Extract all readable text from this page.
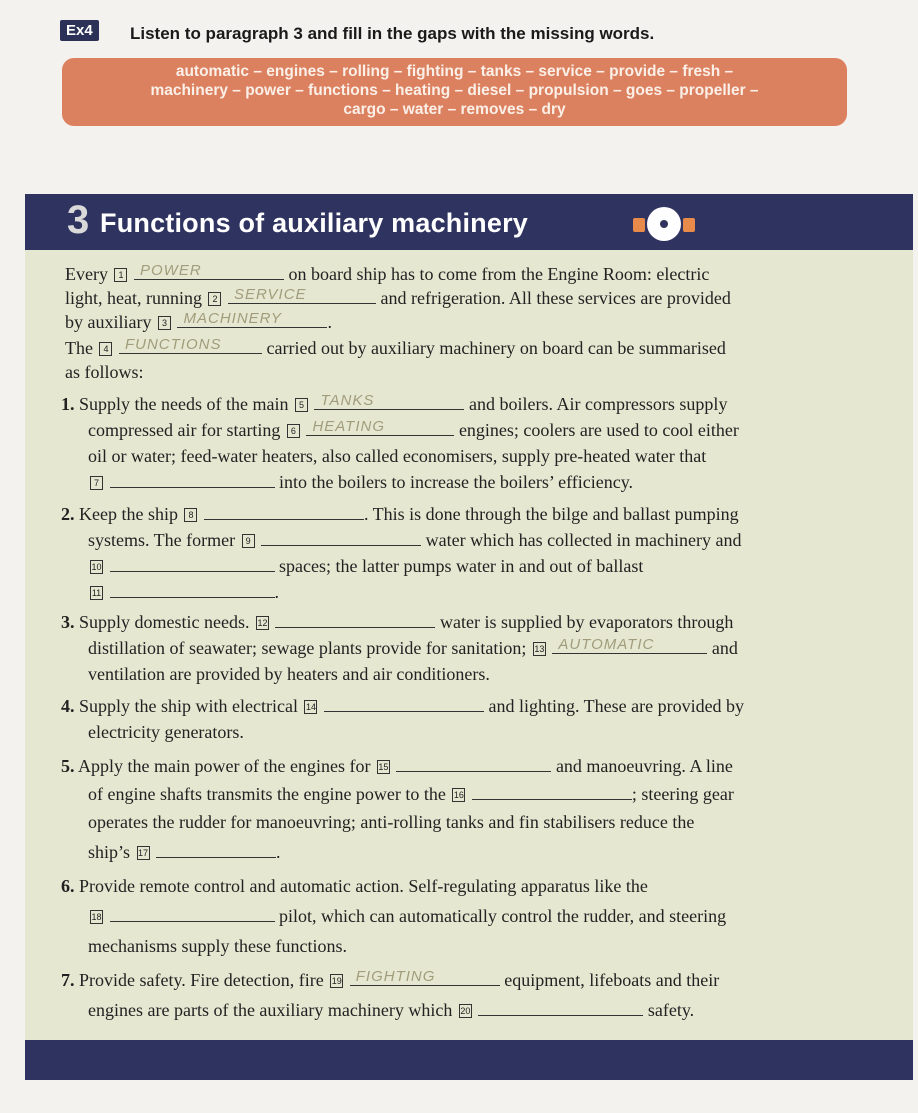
Ex4	Listen to paragraph 3 and fill in the gaps with the missing words.
automatic – engines – rolling – fighting – tanks – service – provide – fresh –
machinery – power – functions – heating – diesel – propulsion – goes – propeller –
cargo – water – removes – dry
3 Functions of auxiliary machinery
Every 1 POWER	on board ship has to come from the Engine Room: electric
light, heat, running 2 SERVICE	and refrigeration. All these services are provided
by auxiliary 3 MACHINERY	.
The 4 FUNCTIONS	carried out by auxiliary machinery on board can be summarised
as follows:
1. Supply the needs of the main 5 TANKS	and boilers. Air compressors supply
compressed air for starting 6 HEATING	engines; coolers are used to cool either
oil or water; feed-water heaters, also called economisers, supply pre-heated water that
7	into the boilers to increase the boilers’ efficiency.
2. Keep the ship 8	. This is done through the bilge and ballast pumping
systems. The former 9	water which has collected in machinery and
10	spaces; the latter pumps water in and out of ballast
11	.
3. Supply domestic needs. 12	water is supplied by evaporators through
distillation of seawater; sewage plants provide for sanitation; 13 AUTOMATIC	and
ventilation are provided by heaters and air conditioners.
4. Supply the ship with electrical 14	and lighting. These are provided by
electricity generators.
5. Apply the main power of the engines for 15	and manoeuvring. A line
of engine shafts transmits the engine power to the 16	; steering gear
operates the rudder for manoeuvring; anti-rolling tanks and fin stabilisers reduce the
ship’s 17	.
6. Provide remote control and automatic action. Self-regulating apparatus like the
18	pilot, which can automatically control the rudder, and steering
mechanisms supply these functions.
7. Provide safety. Fire detection, fire 19 FIGHTING	equipment, lifeboats and their
engines are parts of the auxiliary machinery which 20	safety.
